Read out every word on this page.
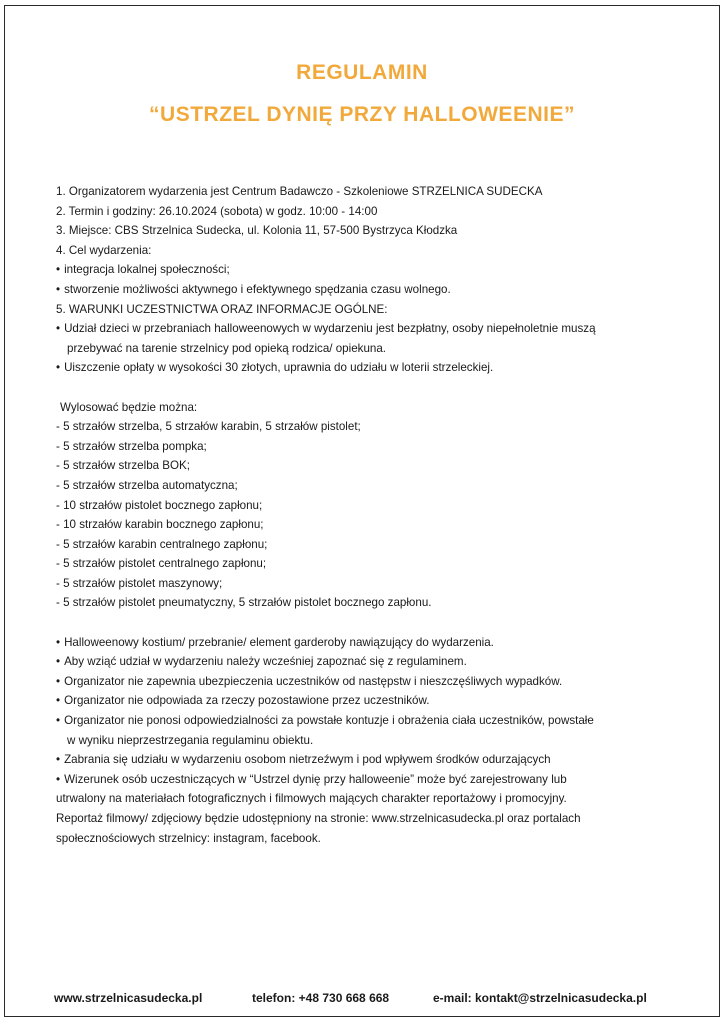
REGULAMIN
“USTRZEL DYNIĘ PRZY HALLOWEENIE”
1. Organizatorem wydarzenia jest Centrum Badawczo - Szkoleniowe STRZELNICA SUDECKA
2. Termin i godziny: 26.10.2024 (sobota) w godz. 10:00 - 14:00
3. Miejsce: CBS Strzelnica Sudecka, ul. Kolonia 11, 57-500 Bystrzyca Kłodzka
4. Cel wydarzenia:
• integracja lokalnej społeczności;
• stworzenie możliwości aktywnego i efektywnego spędzania czasu wolnego.
5. WARUNKI UCZESTNICTWA ORAZ INFORMACJE OGÓLNE:
• Udział dzieci w przebraniach halloweenowych w wydarzeniu jest bezpłatny, osoby niepełnoletnie muszą
przebywać na tarenie strzelnicy pod opieką rodzica/ opiekuna.
• Uiszczenie opłaty w wysokości 30 złotych, uprawnia do udziału w loterii strzeleckiej.
Wylosować będzie można:
- 5 strzałów strzelba, 5 strzałów karabin, 5 strzałów pistolet;
- 5 strzałów strzelba pompka;
- 5 strzałów strzelba BOK;
- 5 strzałów strzelba automatyczna;
- 10 strzałów pistolet bocznego zapłonu;
- 10 strzałów karabin bocznego zapłonu;
- 5 strzałów karabin centralnego zapłonu;
- 5 strzałów pistolet centralnego zapłonu;
- 5 strzałów pistolet maszynowy;
- 5 strzałów pistolet pneumatyczny, 5 strzałów pistolet bocznego zapłonu.
• Halloweenowy kostium/ przebranie/ element garderoby nawiązujący do wydarzenia.
• Aby wziąć udział w wydarzeniu należy wcześniej zapoznać się z regulaminem.
• Organizator nie zapewnia ubezpieczenia uczestników od następstw i nieszczęśliwych wypadków.
• Organizator nie odpowiada za rzeczy pozostawione przez uczestników.
• Organizator nie ponosi odpowiedzialności za powstałe kontuzje i obrażenia ciała uczestników, powstałe
w wyniku nieprzestrzegania regulaminu obiektu.
• Zabrania się udziału w wydarzeniu osobom nietrzeźwym i pod wpływem środków odurzających
• Wizerunek osób uczestniczących w “Ustrzel dynię przy halloweenie” może być zarejestrowany lub
utrwalony na materiałach fotograficznych i filmowych mających charakter reportażowy i promocyjny.
Reportaż filmowy/ zdjęciowy będzie udostępniony na stronie: www.strzelnicasudecka.pl oraz portalach
społecznościowych strzelnicy: instagram, facebook.
www.strzelnicasudecka.pl	telefon: +48 730 668 668	e-mail: kontakt@strzelnicasudecka.pl
